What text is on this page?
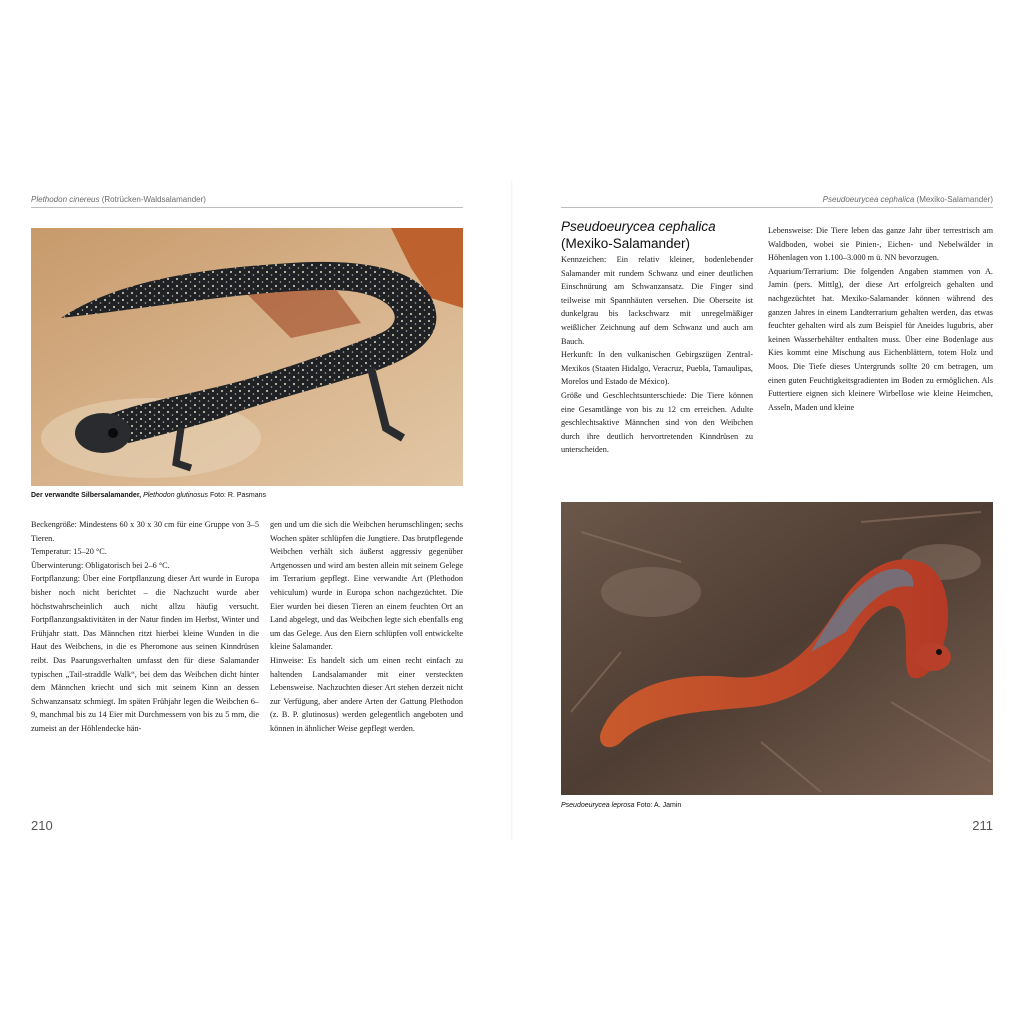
Plethodon cinereus (Rotrücken-Waldsalamander)
Der verwandte Silbersalamander, Plethodon glutinosus Foto: R. Pasmans

Beckengröße: Mindestens 60 x 30 x 30 cm für eine Gruppe von 3–5 Tieren.

Temperatur: 15–20 °C.

Überwinterung: Obligatorisch bei 2–6 °C.

Fortpflanzung: Über eine Fortpflanzung dieser Art wurde in Europa bisher noch nicht berichtet – die Nachzucht wurde aber höchstwahrscheinlich auch nicht allzu häufig versucht. Fortpflanzungsaktivitäten in der Natur finden im Herbst, Winter und Frühjahr statt. Das Männchen ritzt hierbei kleine Wunden in die Haut des Weibchens, in die es Pheromone aus seinen Kinndrüsen reibt. Das Paarungsverhalten umfasst den für diese Salamander typischen „Tail-straddle Walk“, bei dem das Weibchen dicht hinter dem Männchen kriecht und sich mit seinem Kinn an dessen Schwanzansatz schmiegt. Im späten Frühjahr legen die Weibchen 6–9, manchmal bis zu 14 Eier mit Durchmessern von bis zu 5 mm, die zumeist an der Höhlendecke hän-

gen und um die sich die Weibchen herumschlingen; sechs Wochen später schlüpfen die Jungtiere. Das brutpflegende Weibchen verhält sich äußerst aggressiv gegenüber Artgenossen und wird am besten allein mit seinem Gelege im Terrarium gepflegt. Eine verwandte Art (Plethodon vehiculum) wurde in Europa schon nachgezüchtet. Die Eier wurden bei diesen Tieren an einem feuchten Ort an Land abgelegt, und das Weibchen legte sich ebenfalls eng um das Gelege. Aus den Eiern schlüpfen voll entwickelte kleine Salamander.

Hinweise: Es handelt sich um einen recht einfach zu haltenden Landsalamander mit einer versteckten Lebensweise. Nachzuchten dieser Art stehen derzeit nicht zur Verfügung, aber andere Arten der Gattung Plethodon (z. B. P. glutinosus) werden gelegentlich angeboten und können in ähnlicher Weise gepflegt werden.

210
Pseudoeurycea cephalica (Mexiko-Salamander)
Pseudoeurycea cephalica
(Mexiko-Salamander)

Kennzeichen: Ein relativ kleiner, bodenlebender Salamander mit rundem Schwanz und einer deutlichen Einschnürung am Schwanzansatz. Die Finger sind teilweise mit Spannhäuten versehen. Die Oberseite ist dunkelgrau bis lackschwarz mit unregelmäßiger weißlicher Zeichnung auf dem Schwanz und auch am Bauch.

Herkunft: In den vulkanischen Gebirgszügen Zentral-Mexikos (Staaten Hidalgo, Veracruz, Puebla, Tamaulipas, Morelos und Estado de México).

Größe und Geschlechtsunterschiede: Die Tiere können eine Gesamtlänge von bis zu 12 cm erreichen. Adulte geschlechtsaktive Männchen sind von den Weibchen durch ihre deutlich hervortretenden Kinndrüsen zu unterscheiden.

Lebensweise: Die Tiere leben das ganze Jahr über terrestrisch am Waldboden, wobei sie Pinien-, Eichen- und Nebelwälder in Höhenlagen von 1.100–3.000 m ü. NN bevorzugen.

Aquarium/Terrarium: Die folgenden Angaben stammen von A. Jamin (pers. Mittlg), der diese Art erfolgreich gehalten und nachgezüchtet hat. Mexiko-Salamander können während des ganzen Jahres in einem Landterrarium gehalten werden, das etwas feuchter gehalten wird als zum Beispiel für Aneides lugubris, aber keinen Wasserbehälter enthalten muss. Über eine Bodenlage aus Kies kommt eine Mischung aus Eichenblättern, totem Holz und Moos. Die Tiefe dieses Untergrunds sollte 20 cm betragen, um einen guten Feuchtigkeitsgradienten im Boden zu ermöglichen. Als Futtertiere eignen sich kleinere Wirbellose wie kleine Heimchen, Asseln, Maden und kleine

Pseudoeurycea leprosa Foto: A. Jamin
211
